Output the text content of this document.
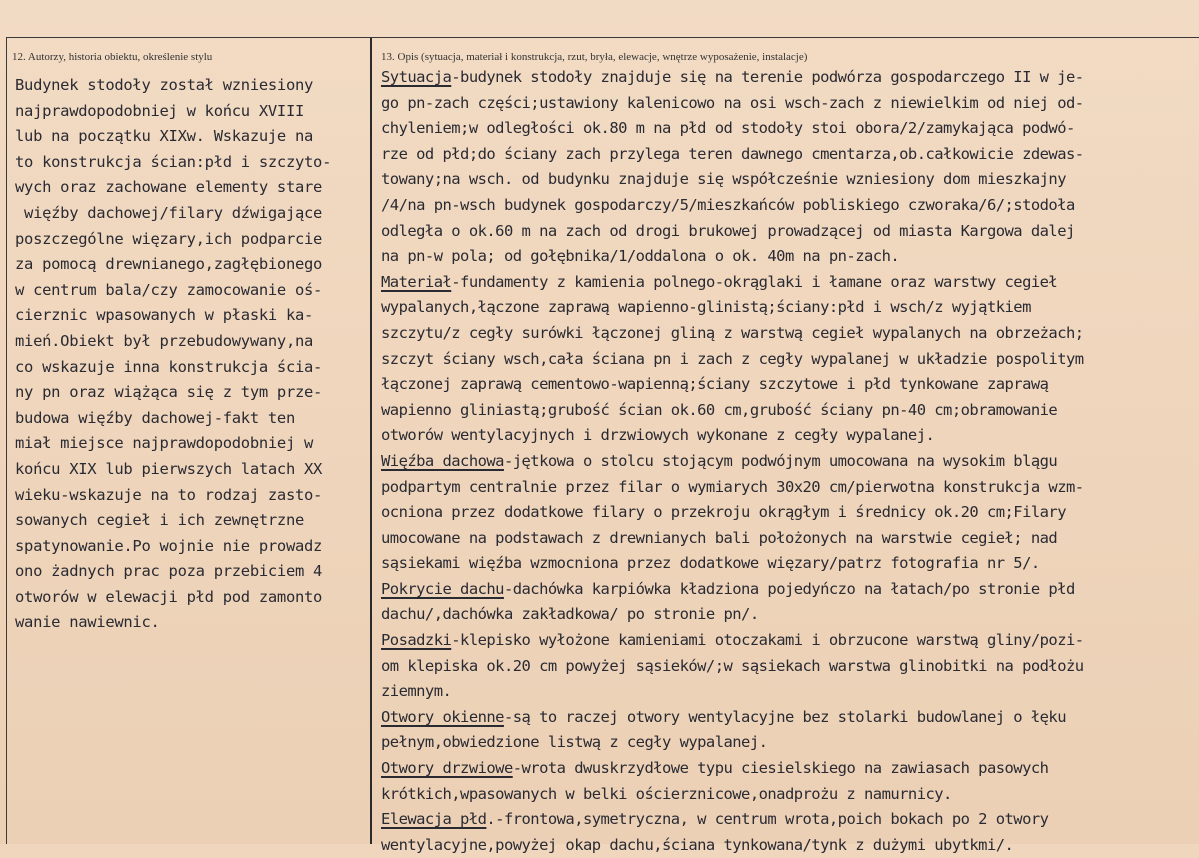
12. Autorzy, historia obiektu, określenie stylu	13. Opis (sytuacja, materiał i konstrukcja, rzut, bryła, elewacje, wnętrze wyposażenie, instalacje)
Budynek stodoły został wzniesiony
najprawdopodobniej w końcu XVIII
lub na początku XIXw. Wskazuje na
to konstrukcja ścian:płd i szczyto-
wych oraz zachowane elementy stare
więźby dachowej/filary dźwigające
poszczególne więzary,ich podparcie
za pomocą drewnianego,zagłębionego
w centrum bala/czy zamocowanie oś-
cierznic wpasowanych w płaski ka-
mień.Obiekt był przebudowywany,na
co wskazuje inna konstrukcja ścia-
ny pn oraz wiążąca się z tym prze-
budowa więźby dachowej-fakt ten
miał miejsce najprawdopodobniej w
końcu XIX lub pierwszych latach XX
wieku-wskazuje na to rodzaj zasto-
sowanych cegieł i ich zewnętrzne
spatynowanie.Po wojnie nie prowadz
ono żadnych prac poza przebiciem 4
otworów w elewacji płd pod zamonto
wanie nawiewnic.
Sytuacja-budynek stodoły znajduje się na terenie podwórza gospodarczego II w je-
go pn-zach części;ustawiony kalenicowo na osi wsch-zach z niewielkim od niej od-
chyleniem;w odległości ok.80 m na płd od stodoły stoi obora/2/zamykająca podwó-
rze od płd;do ściany zach przylega teren dawnego cmentarza,ob.całkowicie zdewas-
towany;na wsch. od budynku znajduje się współcześnie wzniesiony dom mieszkajny
/4/na pn-wsch budynek gospodarczy/5/mieszkańców pobliskiego czworaka/6/;stodoła
odległa o ok.60 m na zach od drogi brukowej prowadzącej od miasta Kargowa dalej
na pn-w pola; od gołębnika/1/oddalona o ok. 40m na pn-zach.
Materiał-fundamenty z kamienia polnego-okrąglaki i łamane oraz warstwy cegieł
wypalanych,łączone zaprawą wapienno-glinistą;ściany:płd i wsch/z wyjątkiem
szczytu/z cegły surówki łączonej gliną z warstwą cegieł wypalanych na obrzeżach;
szczyt ściany wsch,cała ściana pn i zach z cegły wypalanej w układzie pospolitym
łączonej zaprawą cementowo-wapienną;ściany szczytowe i płd tynkowane zaprawą
wapienno gliniastą;grubość ścian ok.60 cm,grubość ściany pn-40 cm;obramowanie
otworów wentylacyjnych i drzwiowych wykonane z cegły wypalanej.
Więźba dachowa-jętkowa o stolcu stojącym podwójnym umocowana na wysokim blągu
podpartym centralnie przez filar o wymiarych 30x20 cm/pierwotna konstrukcja wzm-
ocniona przez dodatkowe filary o przekroju okrągłym i średnicy ok.20 cm;Filary
umocowane na podstawach z drewnianych bali położonych na warstwie cegieł; nad
sąsiekami więźba wzmocniona przez dodatkowe więzary/patrz fotografia nr 5/.
Pokrycie dachu-dachówka karpiówka kładziona pojedyńczo na łatach/po stronie płd
dachu/,dachówka zakładkowa/ po stronie pn/.
Posadzki-klepisko wyłożone kamieniami otoczakami i obrzucone warstwą gliny/pozi-
om klepiska ok.20 cm powyżej sąsieków/;w sąsiekach warstwa glinobitki na podłożu
ziemnym.
Otwory okienne-są to raczej otwory wentylacyjne bez stolarki budowlanej o łęku
pełnym,obwiedzione listwą z cegły wypalanej.
Otwory drzwiowe-wrota dwuskrzydłowe typu ciesielskiego na zawiasach pasowych
krótkich,wpasowanych w belki ościerznicowe,onadprożu z namurnicy.
Elewacja płd.-frontowa,symetryczna, w centrum wrota,poich bokach po 2 otwory
wentylacyjne,powyżej okap dachu,ściana tynkowana/tynk z dużymi ubytkmi/.
